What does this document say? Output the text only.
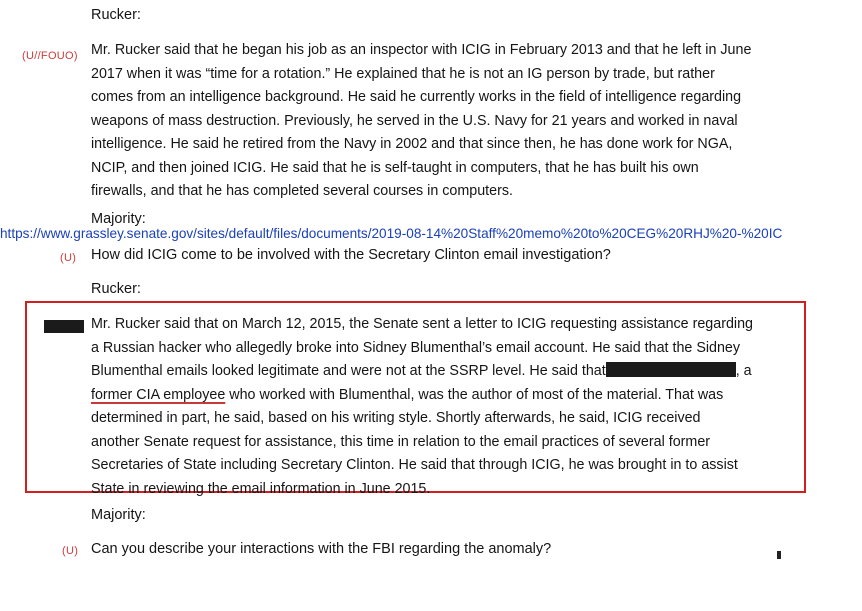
Rucker:
(U//FOUO) Mr. Rucker said that he began his job as an inspector with ICIG in February 2013 and that he left in June
2017 when it was “time for a rotation.” He explained that he is not an IG person by trade, but rather
comes from an intelligence background. He said he currently works in the field of intelligence regarding
weapons of mass destruction. Previously, he served in the U.S. Navy for 21 years and worked in naval
intelligence. He said he retired from the Navy in 2002 and that since then, he has done work for NGA,
NCIP, and then joined ICIG. He said that he is self-taught in computers, that he has built his own
firewalls, and that he has completed several courses in computers.
Majority:
https://www.grassley.senate.gov/sites/default/files/documents/2019-08-14%20Staff%20memo%20to%20CEG%20RHJ%20-%20IC
(U) How did ICIG come to be involved with the Secretary Clinton email investigation?
Rucker:
Mr. Rucker said that on March 12, 2015, the Senate sent a letter to ICIG requesting assistance regarding
a Russian hacker who allegedly broke into Sidney Blumenthal’s email account. He said that the Sidney
Blumenthal emails looked legitimate and were not at the SSRP level. He said that	, a
former CIA employee who worked with Blumenthal, was the author of most of the material. That was
determined in part, he said, based on his writing style. Shortly afterwards, he said, ICIG received
another Senate request for assistance, this time in relation to the email practices of several former
Secretaries of State including Secretary Clinton. He said that through ICIG, he was brought in to assist
State in reviewing the email information in June 2015.
Majority:
(U) Can you describe your interactions with the FBI regarding the anomaly?
